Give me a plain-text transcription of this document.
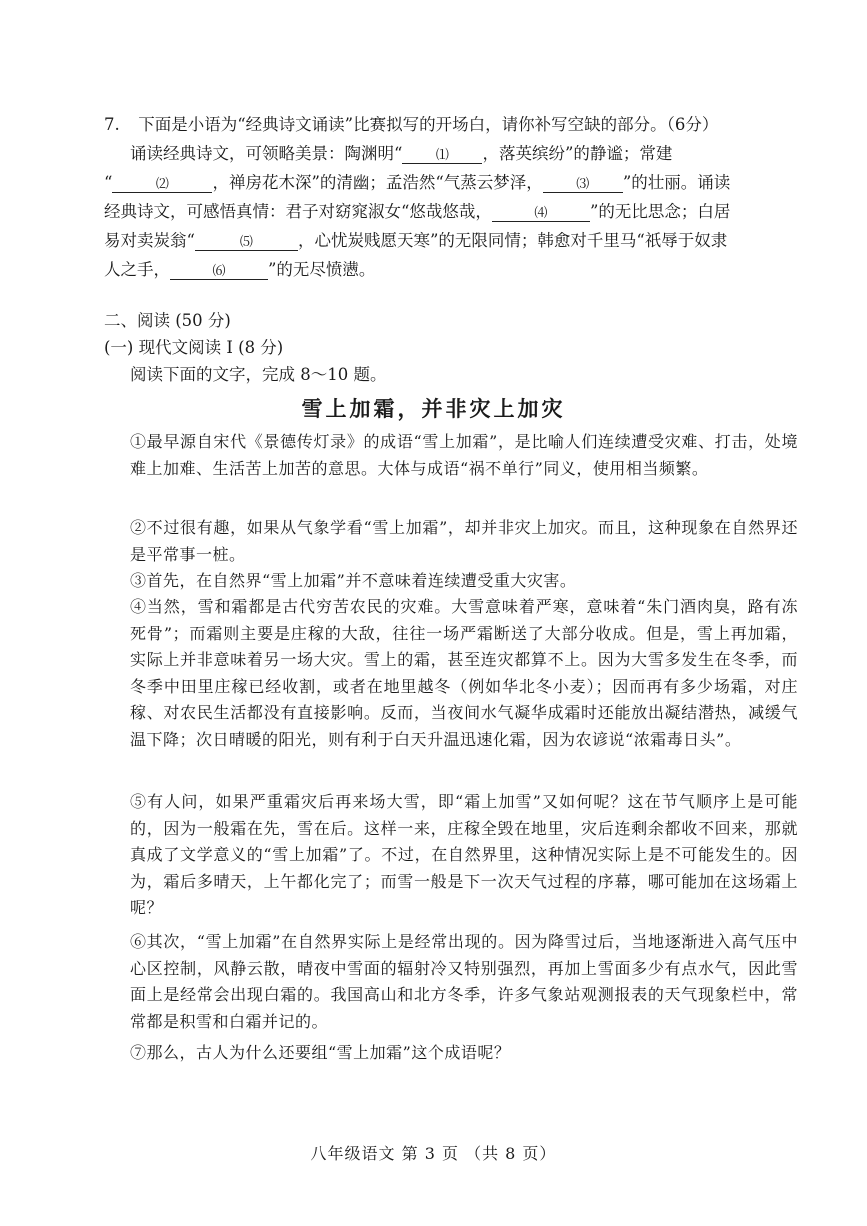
7. 下面是小语为“经典诗文诵读”比赛拟写的开场白，请你补写空缺的部分。（6分）
诵读经典诗文，可领略美景：陶渊明“	⑴ ，落英缤纷”的静谧；常建
“	⑵	，禅房花木深”的清幽；孟浩然“气蒸云梦泽，	⑶ ”的壮丽。诵读
经典诗文，可感悟真情：君子对窈窕淑女“悠哉悠哉，	⑷	”的无比思念；白居
易对卖炭翁“	⑸	，心忧炭贱愿天寒”的无限同情；韩愈对千里马“祇辱于奴隶
人之手，	⑹	”的无尽愤懑。
二、阅读 (50 分)
(一) 现代文阅读 I (8 分)
阅读下面的文字，完成 8～10 题。
雪上加霜，并非灾上加灾
①最早源自宋代《景德传灯录》的成语“雪上加霜”，是比喻人们连续遭受灾难、打击，处境难上加难、生活苦上加苦的意思。大体与成语“祸不单行”同义，使用相当频繁。
②不过很有趣，如果从气象学看“雪上加霜”，却并非灾上加灾。而且，这种现象在自然界还是平常事一桩。
③首先，在自然界“雪上加霜”并不意味着连续遭受重大灾害。
④当然，雪和霜都是古代穷苦农民的灾难。大雪意味着严寒，意味着“朱门酒肉臭，路有冻死骨”；而霜则主要是庄稼的大敌，往往一场严霜断送了大部分收成。但是，雪上再加霜，实际上并非意味着另一场大灾。雪上的霜，甚至连灾都算不上。因为大雪多发生在冬季，而冬季中田里庄稼已经收割，或者在地里越冬（例如华北冬小麦）；因而再有多少场霜，对庄稼、对农民生活都没有直接影响。反而，当夜间水气凝华成霜时还能放出凝结潜热，减缓气温下降；次日晴暖的阳光，则有利于白天升温迅速化霜，因为农谚说“浓霜毒日头”。
⑤有人问，如果严重霜灾后再来场大雪，即“霜上加雪”又如何呢？这在节气顺序上是可能的，因为一般霜在先，雪在后。这样一来，庄稼全毁在地里，灾后连剩余都收不回来，那就真成了文学意义的“雪上加霜”了。不过，在自然界里，这种情况实际上是不可能发生的。因为，霜后多晴天，上午都化完了；而雪一般是下一次天气过程的序幕，哪可能加在这场霜上呢？
⑥其次，“雪上加霜”在自然界实际上是经常出现的。因为降雪过后，当地逐渐进入高气压中心区控制，风静云散，晴夜中雪面的辐射冷又特别强烈，再加上雪面多少有点水气，因此雪面上是经常会出现白霜的。我国高山和北方冬季，许多气象站观测报表的天气现象栏中，常常都是积雪和白霜并记的。
⑦那么，古人为什么还要组“雪上加霜”这个成语呢？
八年级语文 第 3 页 （共 8 页）
